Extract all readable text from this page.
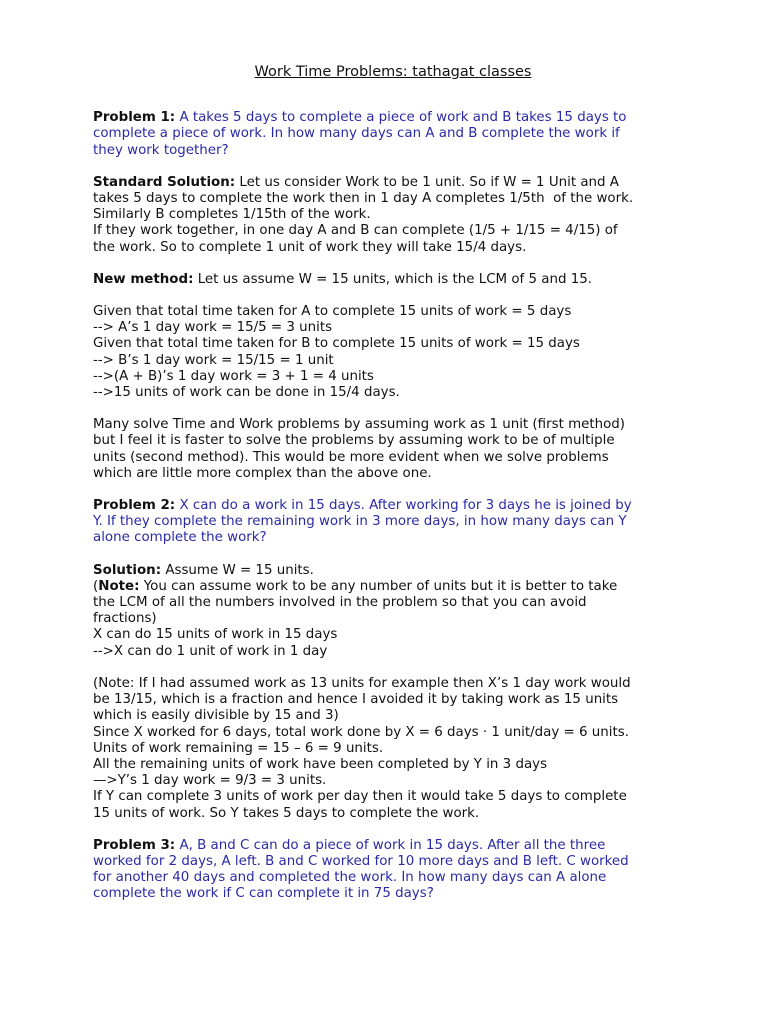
Work Time Problems: tathagat classes
Problem 1: A takes 5 days to complete a piece of work and B takes 15 days to
complete a piece of work. In how many days can A and B complete the work if
they work together?
Standard Solution: Let us consider Work to be 1 unit. So if W = 1 Unit and A
takes 5 days to complete the work then in 1 day A completes 1/5th  of the work.
Similarly B completes 1/15th of the work.
If they work together, in one day A and B can complete (1/5 + 1/15 = 4/15) of
the work. So to complete 1 unit of work they will take 15/4 days.
New method: Let us assume W = 15 units, which is the LCM of 5 and 15.
Given that total time taken for A to complete 15 units of work = 5 days
--> A’s 1 day work = 15/5 = 3 units
Given that total time taken for B to complete 15 units of work = 15 days
--> B’s 1 day work = 15/15 = 1 unit
-->(A + B)’s 1 day work = 3 + 1 = 4 units
-->15 units of work can be done in 15/4 days.
Many solve Time and Work problems by assuming work as 1 unit (first method)
but I feel it is faster to solve the problems by assuming work to be of multiple
units (second method). This would be more evident when we solve problems
which are little more complex than the above one.
Problem 2: X can do a work in 15 days. After working for 3 days he is joined by
Y. If they complete the remaining work in 3 more days, in how many days can Y
alone complete the work?
Solution: Assume W = 15 units.
(Note: You can assume work to be any number of units but it is better to take
the LCM of all the numbers involved in the problem so that you can avoid
fractions)
X can do 15 units of work in 15 days
-->X can do 1 unit of work in 1 day
(Note: If I had assumed work as 13 units for example then X’s 1 day work would
be 13/15, which is a fraction and hence I avoided it by taking work as 15 units
which is easily divisible by 15 and 3)
Since X worked for 6 days, total work done by X = 6 days · 1 unit/day = 6 units.
Units of work remaining = 15 – 6 = 9 units.
All the remaining units of work have been completed by Y in 3 days
—>Y’s 1 day work = 9/3 = 3 units.
If Y can complete 3 units of work per day then it would take 5 days to complete
15 units of work. So Y takes 5 days to complete the work.
Problem 3: A, B and C can do a piece of work in 15 days. After all the three
worked for 2 days, A left. B and C worked for 10 more days and B left. C worked
for another 40 days and completed the work. In how many days can A alone
complete the work if C can complete it in 75 days?
